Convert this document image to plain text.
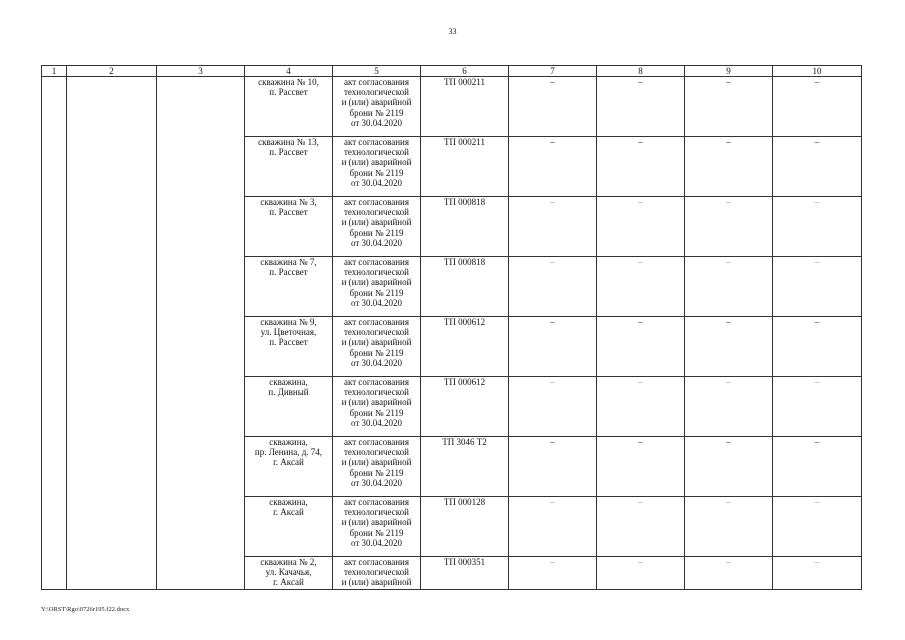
33
1	2	3	4	5	6	7	8	9	10
			скважина № 10,
п. Рассвет	акт согласования
технологической
и (или) аварийной
брони № 2119
от 30.04.2020	ТП 000211	–	–	–	–
			скважина № 13,
п. Рассвет	акт согласования
технологической
и (или) аварийной
брони № 2119
от 30.04.2020	ТП 000211	–	–	–	–
			скважина № 3,
п. Рассвет	акт согласования
технологической
и (или) аварийной
брони № 2119
от 30.04.2020	ТП 000818	–	–	–	–
			скважина № 7,
п. Рассвет	акт согласования
технологической
и (или) аварийной
брони № 2119
от 30.04.2020	ТП 000818	–	–	–	–
			скважина № 9,
ул. Цветочная,
п. Рассвет	акт согласования
технологической
и (или) аварийной
брони № 2119
от 30.04.2020	ТП 000612	–	–	–	–
			скважина,
п. Дивный	акт согласования
технологической
и (или) аварийной
брони № 2119
от 30.04.2020	ТП 000612	–	–	–	–
			скважина,
пр. Ленина, д. 74,
г. Аксай	акт согласования
технологической
и (или) аварийной
брони № 2119
от 30.04.2020	ТП 3046 Т2	–	–	–	–
			скважина,
г. Аксай	акт согласования
технологической
и (или) аварийной
брони № 2119
от 30.04.2020	ТП 000128	–	–	–	–
			скважина № 2,
ул. Качачья,
г. Аксай	акт согласования
технологической
и (или) аварийной	ТП 000351	–	–	–	–
Y:\ORST\Rgo\0726r195.f22.docx
